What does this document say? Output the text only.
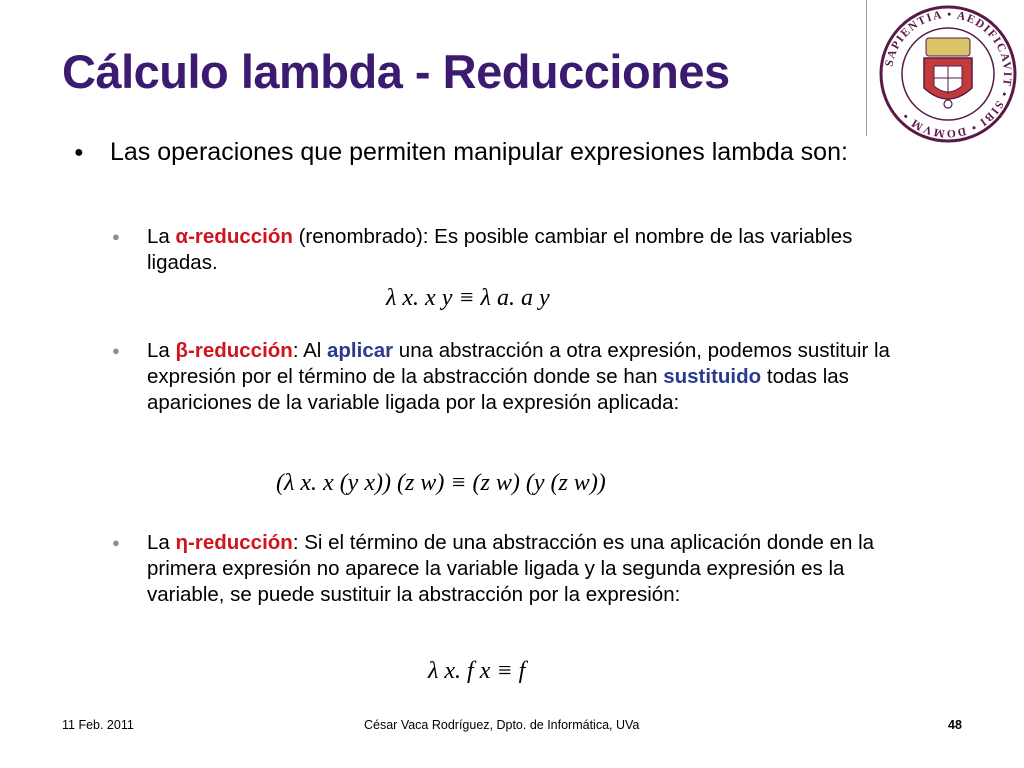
Cálculo lambda - Reducciones	SAPIENTIA • AEDIFICAVIT • SIBI • DOMVM •
● Las operaciones que permiten manipular expresiones lambda son:
● La α-reducción (renombrado): Es posible cambiar el nombre de las variables ligadas.
λ x. x y ≡ λ a. a y
● La β-reducción: Al aplicar una abstracción a otra expresión, podemos sustituir la expresión por el término de la abstracción donde se han sustituido todas las apariciones de la variable ligada por la expresión aplicada:
(λ x. x (y x)) (z w) ≡ (z w) (y (z w))
● La η-reducción: Si el término de una abstracción es una aplicación donde en la primera expresión no aparece la variable ligada y la segunda expresión es la variable, se puede sustituir la abstracción por la expresión:
λ x. f x ≡ f
11 Feb. 2011	César Vaca Rodríguez, Dpto. de Informática, UVa	48
